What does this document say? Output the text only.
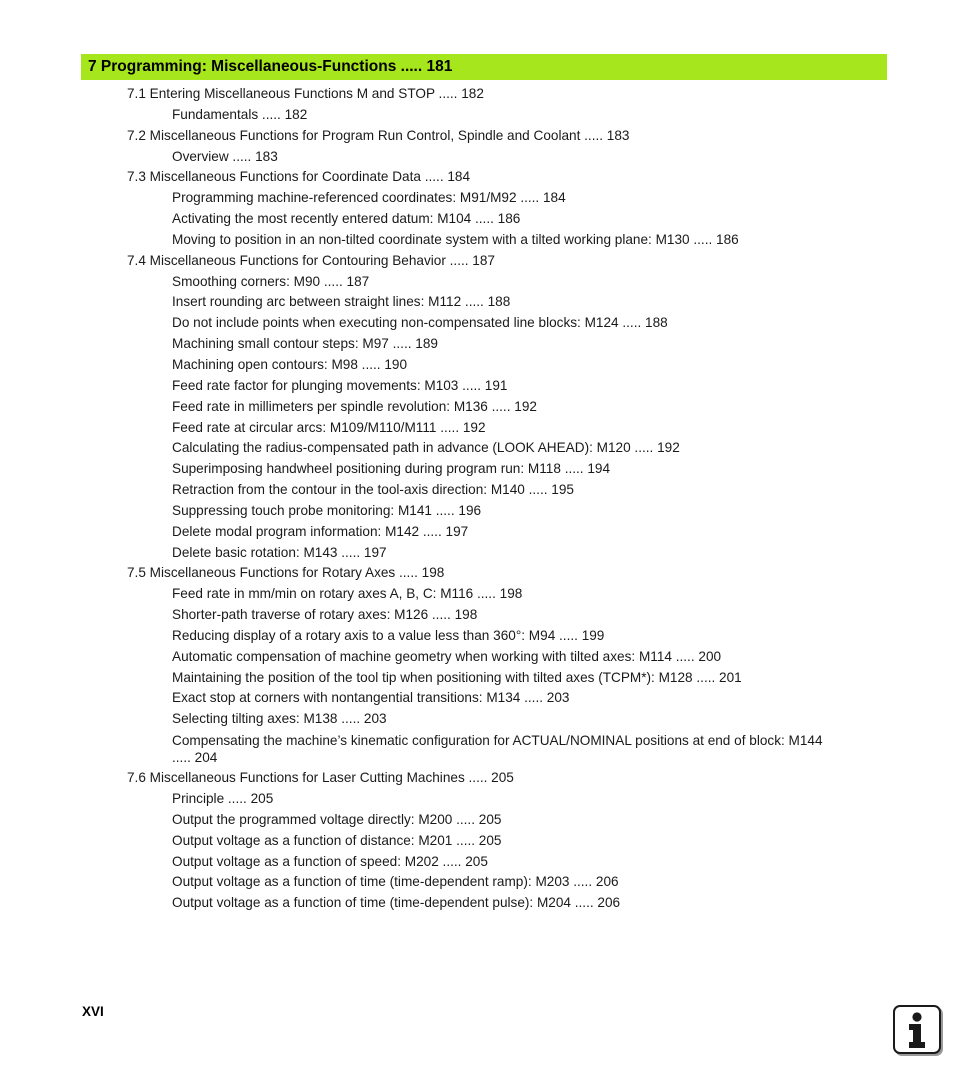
7 Programming: Miscellaneous-Functions ..... 181
7.1 Entering Miscellaneous Functions M and STOP ..... 182
Fundamentals ..... 182
7.2 Miscellaneous Functions for Program Run Control, Spindle and Coolant ..... 183
Overview ..... 183
7.3 Miscellaneous Functions for Coordinate Data ..... 184
Programming machine-referenced coordinates: M91/M92 ..... 184
Activating the most recently entered datum: M104 ..... 186
Moving to position in an non-tilted coordinate system with a tilted working plane: M130 ..... 186
7.4 Miscellaneous Functions for Contouring Behavior ..... 187
Smoothing corners: M90 ..... 187
Insert rounding arc between straight lines: M112 ..... 188
Do not include points when executing non-compensated line blocks: M124 ..... 188
Machining small contour steps: M97 ..... 189
Machining open contours: M98 ..... 190
Feed rate factor for plunging movements: M103 ..... 191
Feed rate in millimeters per spindle revolution: M136 ..... 192
Feed rate at circular arcs: M109/M110/M111 ..... 192
Calculating the radius-compensated path in advance (LOOK AHEAD): M120 ..... 192
Superimposing handwheel positioning during program run: M118 ..... 194
Retraction from the contour in the tool-axis direction: M140 ..... 195
Suppressing touch probe monitoring: M141 ..... 196
Delete modal program information: M142 ..... 197
Delete basic rotation: M143 ..... 197
7.5 Miscellaneous Functions for Rotary Axes ..... 198
Feed rate in mm/min on rotary axes A, B, C: M116 ..... 198
Shorter-path traverse of rotary axes: M126 ..... 198
Reducing display of a rotary axis to a value less than 360°: M94 ..... 199
Automatic compensation of machine geometry when working with tilted axes: M114 ..... 200
Maintaining the position of the tool tip when positioning with tilted axes (TCPM*): M128 ..... 201
Exact stop at corners with nontangential transitions: M134 ..... 203
Selecting tilting axes: M138 ..... 203
Compensating the machine’s kinematic configuration for ACTUAL/NOMINAL positions at end of block: M144 ..... 204
7.6 Miscellaneous Functions for Laser Cutting Machines ..... 205
Principle ..... 205
Output the programmed voltage directly: M200 ..... 205
Output voltage as a function of distance: M201 ..... 205
Output voltage as a function of speed: M202 ..... 205
Output voltage as a function of time (time-dependent ramp): M203 ..... 206
Output voltage as a function of time (time-dependent pulse): M204 ..... 206
XVI
